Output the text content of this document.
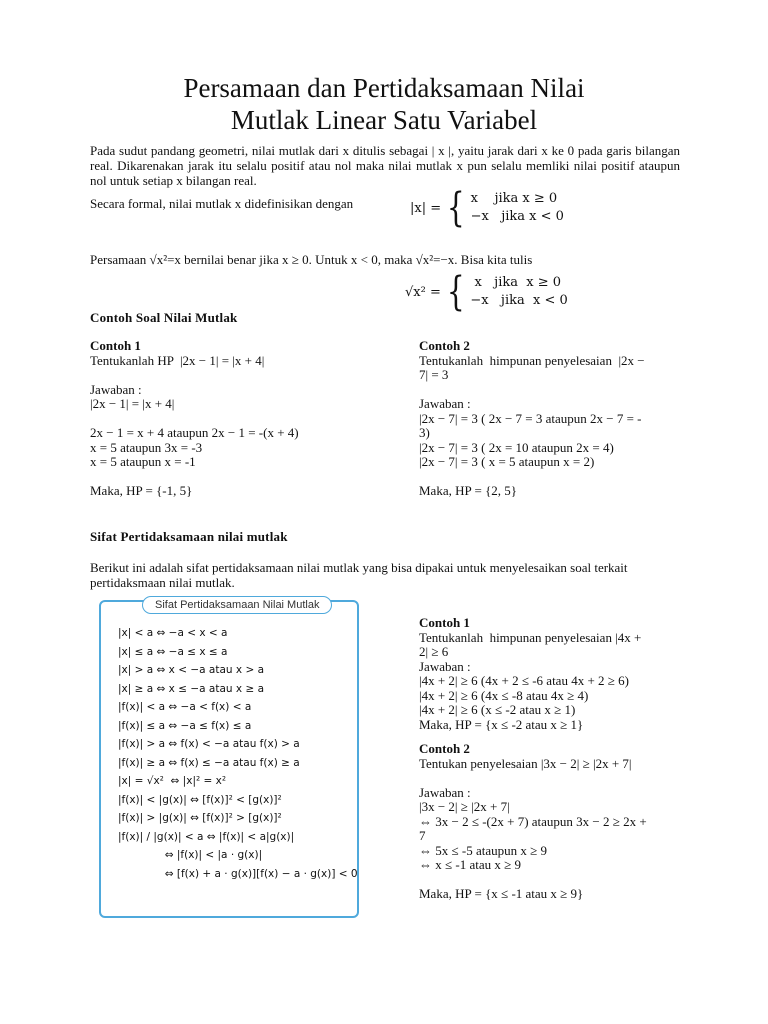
Persamaan dan Pertidaksamaan Nilai
Mutlak Linear Satu Variabel
Pada sudut pandang geometri, nilai mutlak dari x ditulis sebagai | x |, yaitu jarak dari x ke 0 pada garis bilangan real. Dikarenakan jarak itu selalu positif atau nol maka nilai mutlak x pun selalu memliki nilai positif ataupun nol untuk setiap x bilangan real.
Secara formal, nilai mutlak x didefinisikan dengan	|x| = { x    jika x ≥ 0
−x   jika x < 0
Persamaan √x²=x bernilai benar jika x ≥ 0. Untuk x < 0, maka √x²=−x. Bisa kita tulis
√x² = { x   jika  x ≥ 0
−x   jika  x < 0
Contoh Soal Nilai Mutlak
Contoh 1
Tentukanlah HP  |2x − 1| = |x + 4|
Jawaban :
|2x − 1| = |x + 4|
2x − 1 = x + 4 ataupun 2x − 1 = -(x + 4)
x = 5 ataupun 3x = -3
x = 5 ataupun x = -1
Maka, HP = {-1, 5}
Contoh 2
Tentukanlah  himpunan penyelesaian  |2x −
7| = 3
Jawaban :
|2x − 7| = 3 ( 2x − 7 = 3 ataupun 2x − 7 = -
3)
|2x − 7| = 3 ( 2x = 10 ataupun 2x = 4)
|2x − 7| = 3 ( x = 5 ataupun x = 2)
Maka, HP = {2, 5}
Sifat Pertidaksamaan nilai mutlak
Berikut ini adalah sifat pertidaksamaan nilai mutlak yang bisa dipakai untuk menyelesaikan soal terkait pertidaksmaan nilai mutlak.
Sifat Pertidaksamaan Nilai Mutlak
|x| < a ⇔ −a < x < a
|x| ≤ a ⇔ −a ≤ x ≤ a
|x| > a ⇔ x < −a atau x > a
|x| ≥ a ⇔ x ≤ −a atau x ≥ a
|f(x)| < a ⇔ −a < f(x) < a
|f(x)| ≤ a ⇔ −a ≤ f(x) ≤ a
|f(x)| > a ⇔ f(x) < −a atau f(x) > a
|f(x)| ≥ a ⇔ f(x) ≤ −a atau f(x) ≥ a
|x| = √x²  ⇔ |x|² = x²
|f(x)| < |g(x)| ⇔ [f(x)]² < [g(x)]²
|f(x)| > |g(x)| ⇔ [f(x)]² > [g(x)]²
|f(x)| / |g(x)| < a ⇔ |f(x)| < a|g(x)|
⇔ |f(x)| < |a · g(x)|
⇔ [f(x) + a · g(x)][f(x) − a · g(x)] < 0
Contoh 1
Tentukanlah  himpunan penyelesaian |4x +
2| ≥ 6
Jawaban :
|4x + 2| ≥ 6 (4x + 2 ≤ -6 atau 4x + 2 ≥ 6)
|4x + 2| ≥ 6 (4x ≤ -8 atau 4x ≥ 4)
|4x + 2| ≥ 6 (x ≤ -2 atau x ≥ 1)
Maka, HP = {x ≤ -2 atau x ≥ 1}
Contoh 2
Tentukan penyelesaian |3x − 2| ≥ |2x + 7|
Jawaban :
|3x − 2| ≥ |2x + 7|
⇔ 3x − 2 ≤ -(2x + 7) ataupun 3x − 2 ≥ 2x +
7
⇔ 5x ≤ -5 ataupun x ≥ 9
⇔ x ≤ -1 atau x ≥ 9
Maka, HP = {x ≤ -1 atau x ≥ 9}
